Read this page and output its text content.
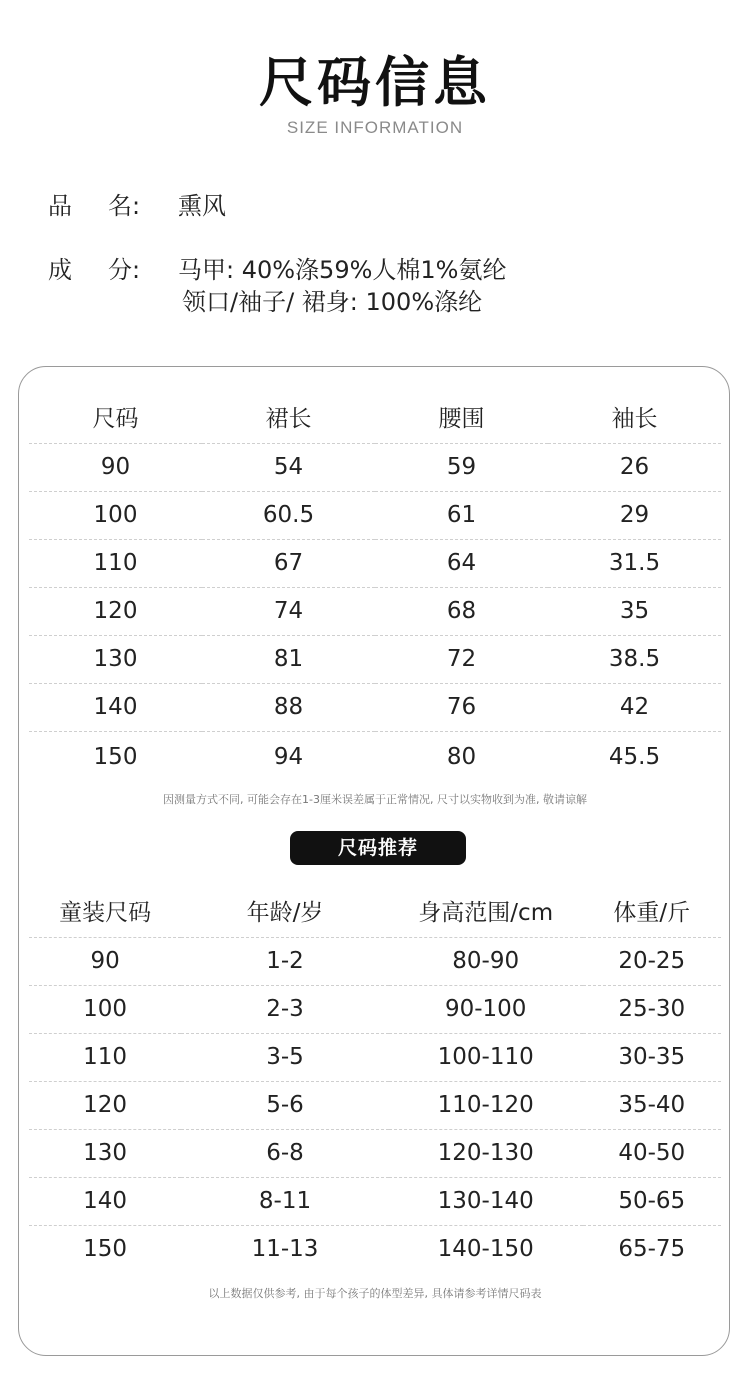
尺码信息
SIZE INFORMATION
品	名: 熏风
成	分: 马甲: 40%涤59%人棉1%氨纶
领口/袖子/ 裙身: 100%涤纶
尺码	裙长	腰围	袖长
90	54	59	26
100	60.5	61	29
110	67	64	31.5
120	74	68	35
130	81	72	38.5
140	88	76	42
150	94	80	45.5
因测量方式不同, 可能会存在1-3厘米误差属于正常情况, 尺寸以实物收到为准, 敬请谅解
尺码推荐
童装尺码	年龄/岁	身高范围/cm	体重/斤
90	1-2	80-90	20-25
100	2-3	90-100	25-30
110	3-5	100-110	30-35
120	5-6	110-120	35-40
130	6-8	120-130	40-50
140	8-11	130-140	50-65
150	11-13	140-150	65-75
以上数据仅供参考, 由于每个孩子的体型差异, 具体请参考详情尺码表
